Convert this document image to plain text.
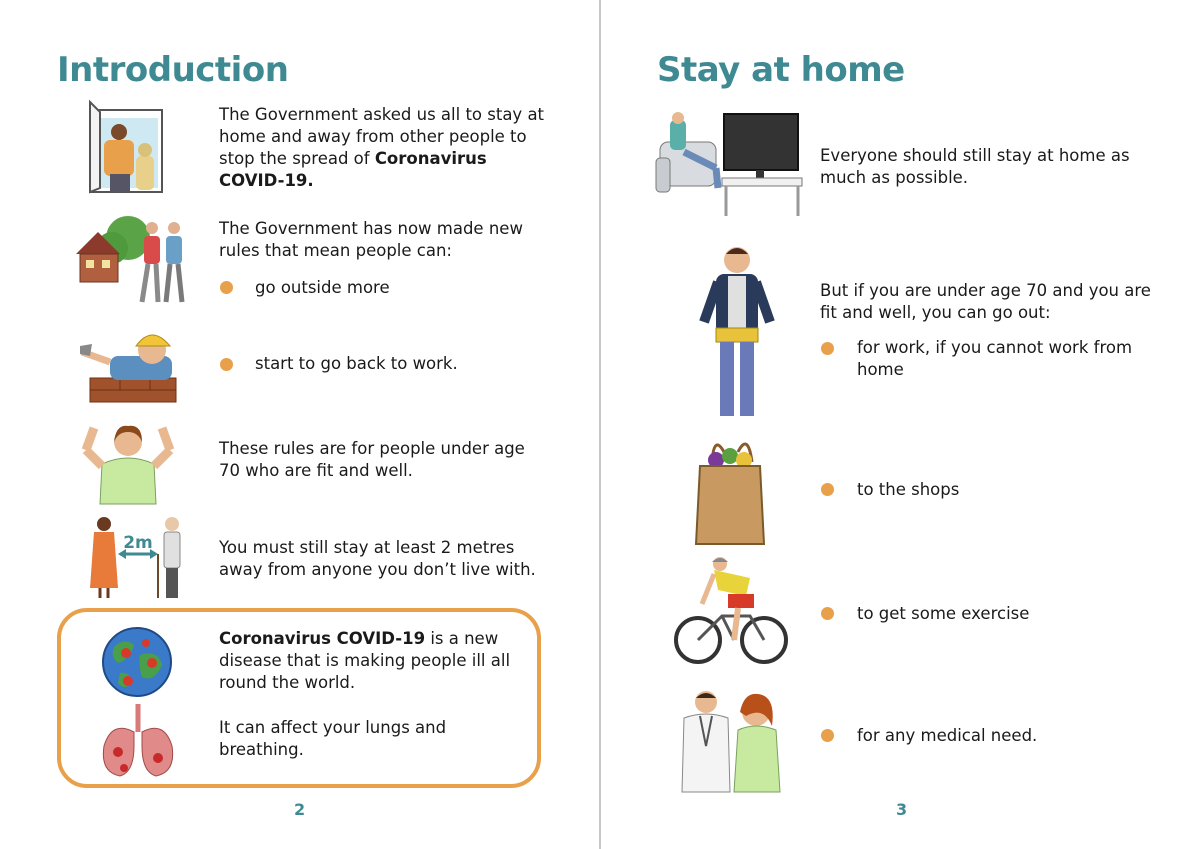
Introduction

The Government asked us all to stay at home and away from other people to stop the spread of Coronavirus COVID-19.

The Government has now made new rules that mean people can:

go outside more

start to go back to work.

These rules are for people under age 70 who are fit and well.

2m	You must still stay at least 2 metres away from anyone you don’t live with.

Coronavirus COVID-19 is a new disease that is making people ill all round the world.

It can affect your lungs and breathing.

2
Stay at home

Everyone should still stay at home as much as possible.

But if you are under age 70 and you are fit and well, you can go out:

for work, if you cannot work from home

to the shops

to get some exercise

for any medical need.

3
